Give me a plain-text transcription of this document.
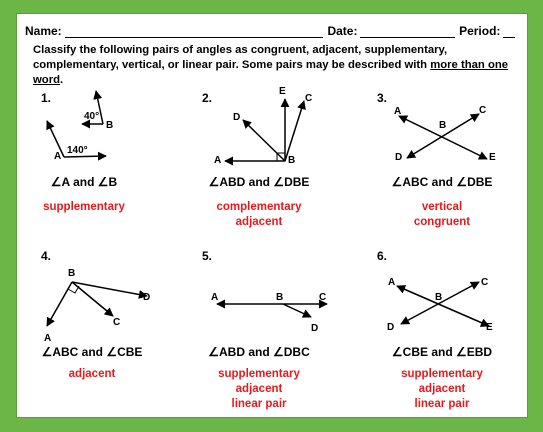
Name:	Date:	Period:
Classify the following pairs of angles as congruent, adjacent, supplementary, complementary, vertical, or linear pair. Some pairs may be described with more than one word.
1.
A
140°
B
40°
∠A and ∠B
supplementary
2.
A	B
C
D
E
∠ABD and ∠DBE
complementary
adjacent
3.
A
B
C
D	E
∠ABC and ∠DBE
vertical
congruent
4.
B
D
C
A
∠ABC and ∠CBE
adjacent
5.
A	B	C
D
∠ABD and ∠DBC
supplementary
adjacent
linear pair
6.
A
B
C
D	E
∠CBE and ∠EBD
supplementary
adjacent
linear pair
